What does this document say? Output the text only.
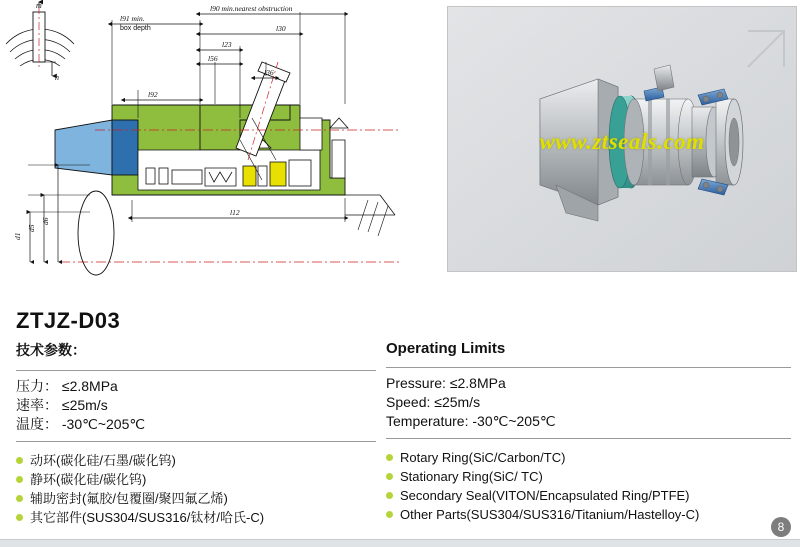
m
n
l91 min.
box depth
l90 min.nearest obstruction
l30
l23
l56
l36
l92
l12
d6
d5
d1
www.ztseals.com
ZTJZ-D03
技术参数：
压力： ≤2.8MPa
速率： ≤25m/s
温度： -30℃~205℃
动环(碳化硅/石墨/碳化钨)
静环(碳化硅/碳化钨)
辅助密封(氟胶/包覆圈/聚四氟乙烯)
其它部件(SUS304/SUS316/钛材/哈氏-C)
Operating Limits
Pressure: ≤2.8MPa
Speed: ≤25m/s
Temperature: -30℃~205℃
Rotary Ring(SiC/Carbon/TC)
Stationary Ring(SiC/ TC)
Secondary Seal(VITON/Encapsulated Ring/PTFE)
Other Parts(SUS304/SUS316/Titanium/Hastelloy-C)
8
